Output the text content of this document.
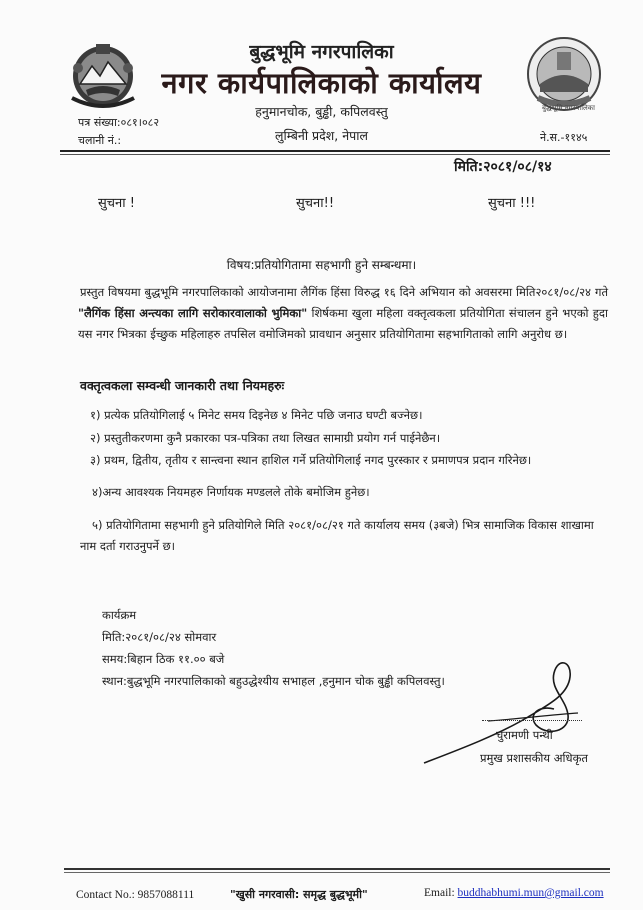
बुद्धभूमि नगरपालिका
बुद्धभूमि नगरपालिका
नगर कार्यपालिकाको कार्यालय
हनुमानचोक, बुड्ढी, कपिलवस्तु
लुम्बिनी प्रदेश, नेपाल
पत्र संख्या:०८१।०८२
चलानी नं.:	ने.स.-११४५
मिति:२०८१/०८/१४
सुचना !	सुचना!!	सुचना !!!
विषय:प्रतियोगितामा सहभागी हुने सम्बन्धमा।
प्रस्तुत विषयमा बुद्धभूमि नगरपालिकाको आयोजनामा लैगिंक हिंसा विरुद्ध १६ दिने अभियान को अवसरमा मिति२०८१/०८/२४ गते "लैगिंक हिंसा अन्त्यका लागि सरोकारवालाको भुमिका" शिर्षकमा खुला महिला वक्तृत्वकला प्रतियोगिता संचालन हुने भएको हुदा यस नगर भित्रका ईच्छुक महिलाहरु तपसिल वमोजिमको प्रावधान अनुसार प्रतियोगितामा सहभागिताको लागि अनुरोध छ।
वक्तृत्वकला सम्वन्धी जानकारी तथा नियमहरुः
१) प्रत्येक प्रतियोगिलाई ५ मिनेट समय दिइनेछ ४ मिनेट पछि जनाउ घण्टी बज्नेछ।
२) प्रस्तुतीकरणमा कुनै प्रकारका पत्र-पत्रिका तथा लिखत सामाग्री प्रयोग गर्न पाईनेछैन।
३) प्रथम, द्वितीय, तृतीय र सान्त्वना स्थान हाशिल गर्ने प्रतियोगिलाई नगद पुरस्कार र प्रमाणपत्र प्रदान गरिनेछ।
४)अन्य आवश्यक नियमहरु निर्णायक मण्डलले तोके बमोजिम हुनेछ।
५) प्रतियोगितामा सहभागी हुने प्रतियोगिले मिति २०८१/०८/२१ गते कार्यालय समय (३बजे) भित्र सामाजिक विकास शाखामा नाम दर्ता गराउनुपर्ने छ।
कार्यक्रम
मिति:२०८१/०८/२४ सोमवार
समय:बिहान ठिक ११.०० बजे
स्थान:बुद्धभूमि नगरपालिकाको बहुउद्धेश्यीय सभाहल ,हनुमान चोक बुड्ढी कपिलवस्तु।
चुरामणी पन्थी
प्रमुख प्रशासकीय अधिकृत
Contact No.: 9857088111	"खुसी नगरवासी: समृद्ध बुद्धभूमी"	Email: buddhabhumi.mun@gmail.com
